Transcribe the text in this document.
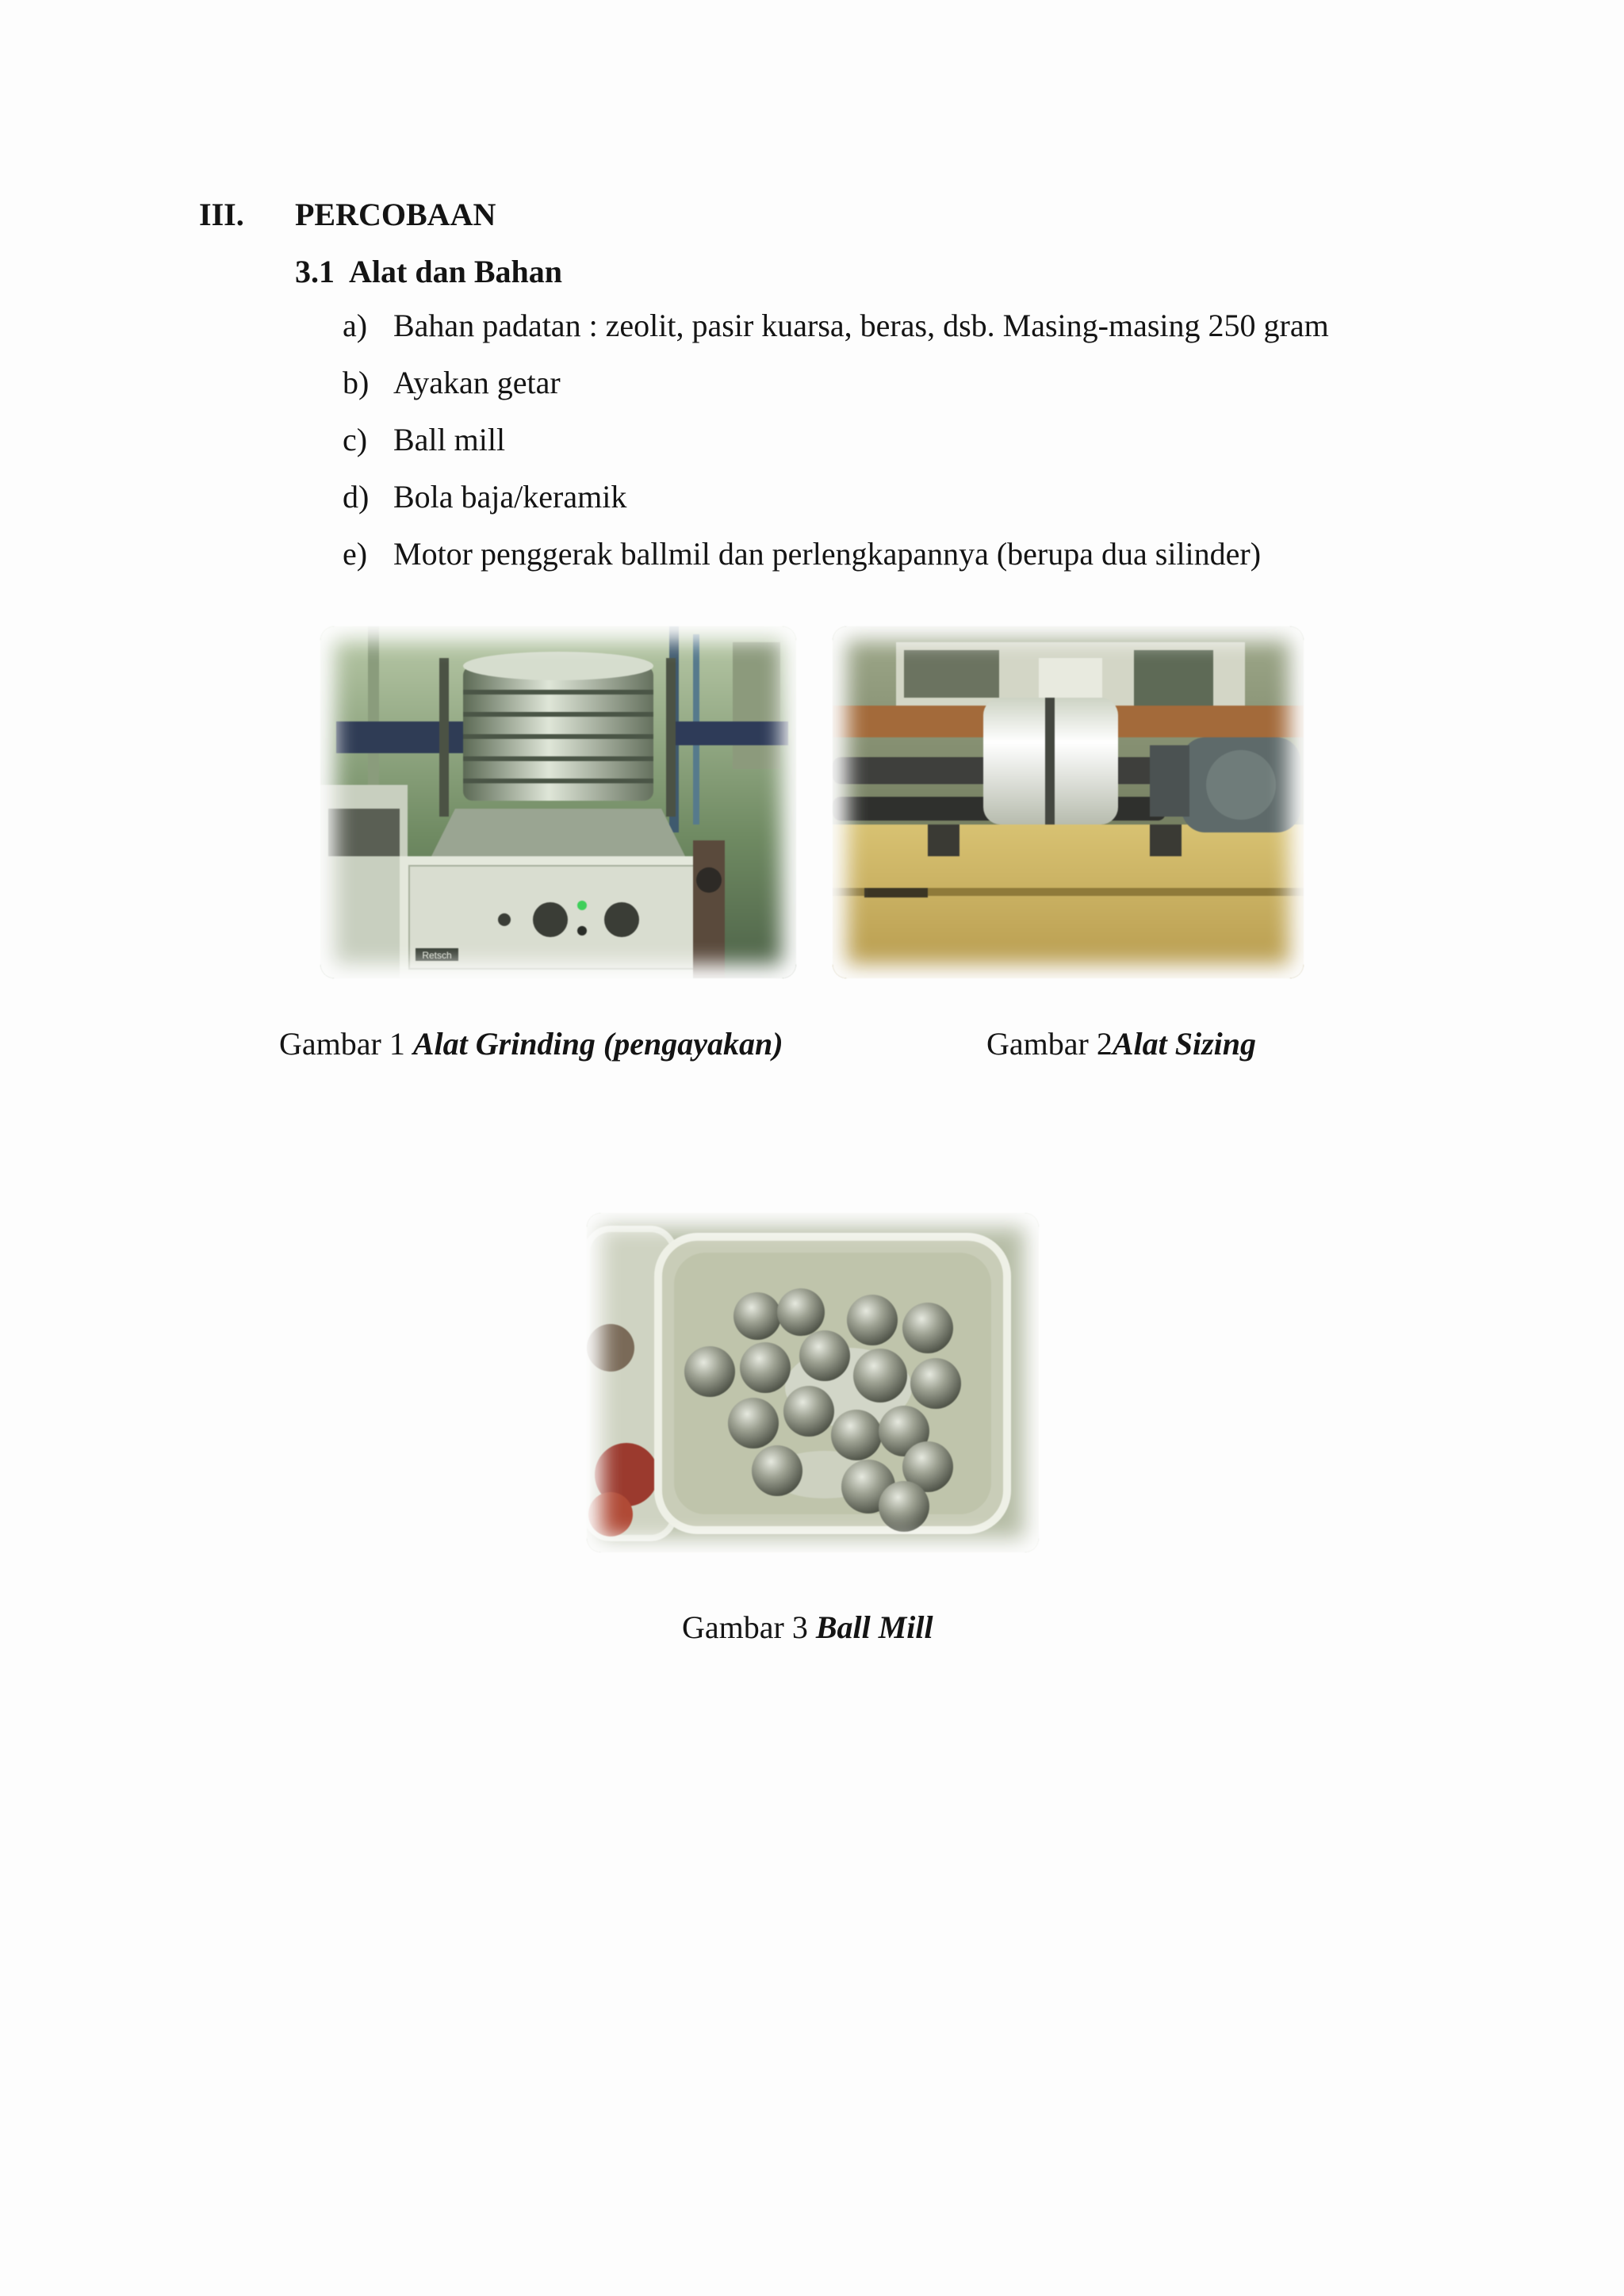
III. PERCOBAAN
3.1 Alat dan Bahan
a) Bahan padatan : zeolit, pasir kuarsa, beras, dsb. Masing-masing 250 gram
b) Ayakan getar
c) Ball mill
d) Bola baja/keramik
e) Motor penggerak ballmil dan perlengkapannya (berupa dua silinder)
Retsch
Gambar 1 Alat Grinding (pengayakan)	Gambar 2Alat Sizing
Gambar 3 Ball Mill
